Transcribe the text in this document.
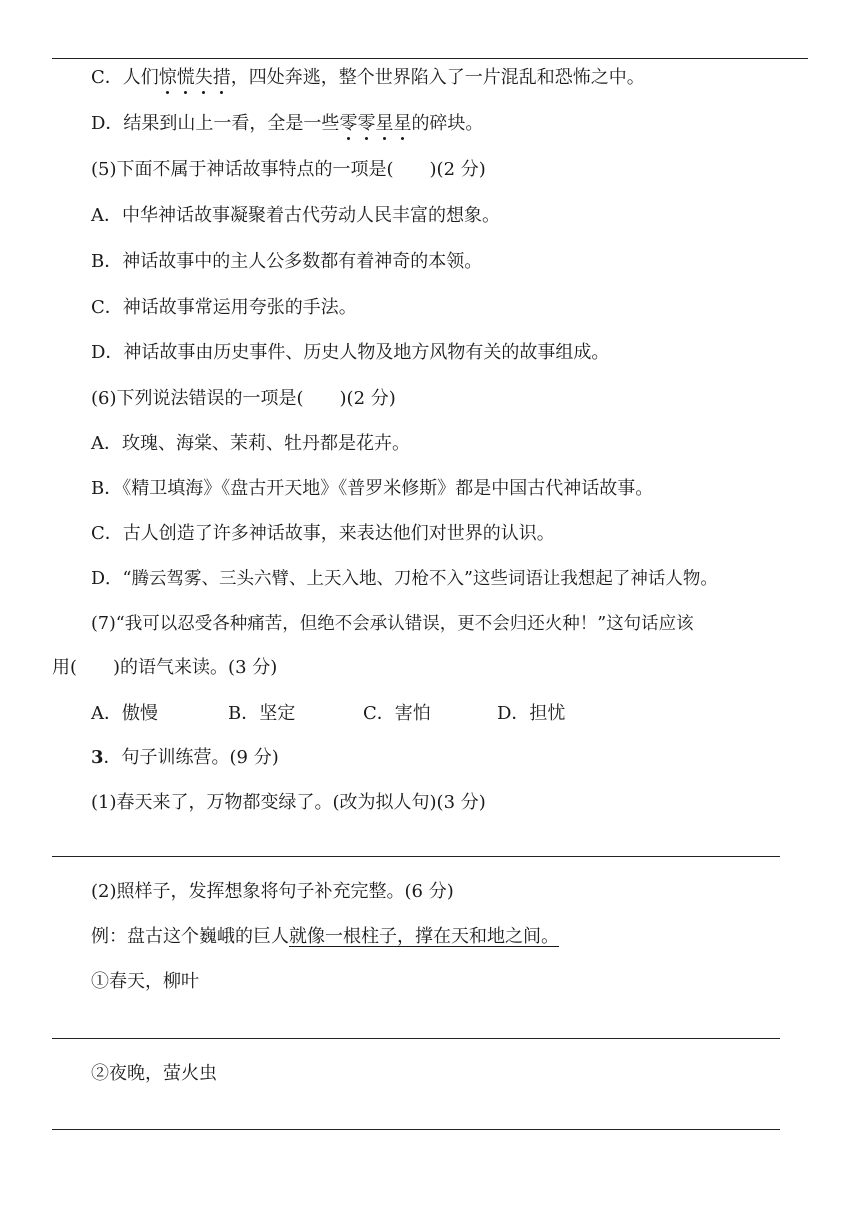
C．人们惊慌失措，四处奔逃，整个世界陷入了一片混乱和恐怖之中。
D．结果到山上一看，全是一些零零星星的碎块。
(5)下面不属于神话故事特点的一项是(　　)(2 分)
A．中华神话故事凝聚着古代劳动人民丰富的想象。
B．神话故事中的主人公多数都有着神奇的本领。
C．神话故事常运用夸张的手法。
D．神话故事由历史事件、历史人物及地方风物有关的故事组成。
(6)下列说法错误的一项是(　　)(2 分)
A．玫瑰、海棠、茉莉、牡丹都是花卉。
B．《精卫填海》《盘古开天地》《普罗米修斯》都是中国古代神话故事。
C．古人创造了许多神话故事，来表达他们对世界的认识。
D．“腾云驾雾、三头六臂、上天入地、刀枪不入”这些词语让我想起了神话人物。
(7)“我可以忍受各种痛苦，但绝不会承认错误，更不会归还火种！”这句话应该
用(　　)的语气来读。(3 分)
A．傲慢	B．坚定	C．害怕	D．担忧
3．句子训练营。(9 分)
(1)春天来了，万物都变绿了。(改为拟人句)(3 分)
(2)照样子，发挥想象将句子补充完整。(6 分)
例：盘古这个巍峨的巨人就像一根柱子，撑在天和地之间。
①春天，柳叶
②夜晚，萤火虫
